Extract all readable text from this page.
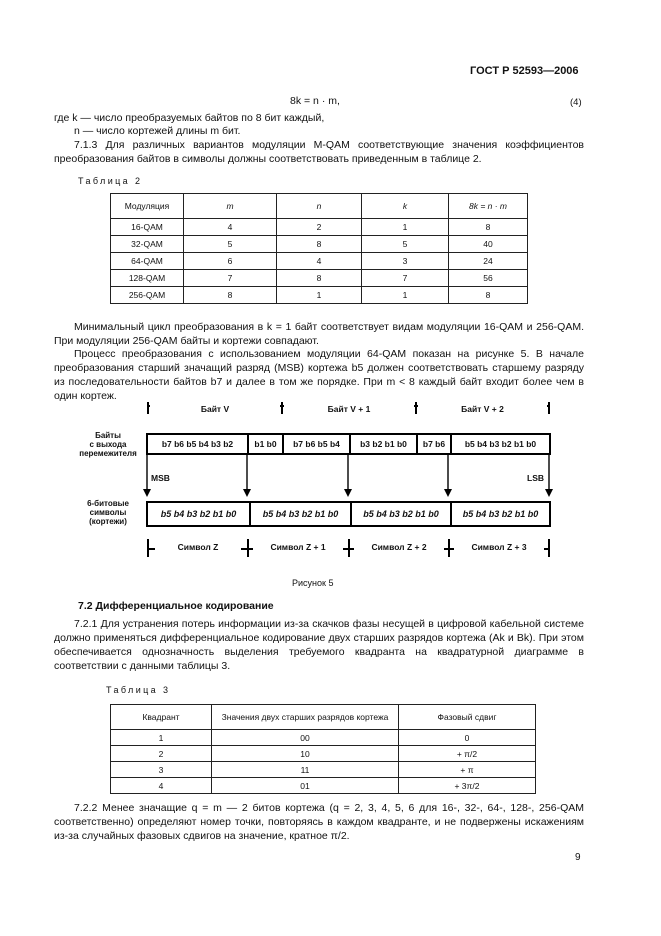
ГОСТ Р 52593—2006
8k = n · m,	(4)
где k — число преобразуемых байтов по 8 бит каждый,
n — число кортежей длины m бит.

7.1.3 Для различных вариантов модуляции M-QAM соответствующие значения коэффициентов преобразования байтов в символы должны соответствовать приведенным в таблице 2.

Таблица 2
Модуляция	m	n	k	8k = n · m
16-QAM	4	2	1	8
32-QAM	5	8	5	40
64-QAM	6	4	3	24
128-QAM	7	8	7	56
256-QAM	8	1	1	8

Минимальный цикл преобразования в k = 1 байт соответствует видам модуляции 16-QAM и 256-QAM. При модуляции 256-QAM байты и кортежи совпадают.

Процесс преобразования с использованием модуляции 64-QAM показан на рисунке 5. В начале преобразования старший значащий разряд (MSB) кортежа b5 должен соответствовать старшему разряду из последовательности байтов b7 и далее в том же порядке. При m < 8 каждый байт входит более чем в один кортеж.

Байт V	Байт V + 1	Байт V + 2
Байты
с выхода
перемежителя
b7 b6 b5 b4 b3 b2	b1 b0	b7 b6 b5 b4	b3 b2 b1 b0	b7 b6	b5 b4 b3 b2 b1 b0
MSB	LSB
6-битовые
символы
(кортежи)
b5 b4 b3 b2 b1 b0	b5 b4 b3 b2 b1 b0	b5 b4 b3 b2 b1 b0	b5 b4 b3 b2 b1 b0
Символ Z	Символ Z + 1	Символ Z + 2	Символ Z + 3
Рисунок 5
7.2 Дифференциальное кодирование

7.2.1 Для устранения потерь информации из-за скачков фазы несущей в цифровой кабельной системе должно применяться дифференциальное кодирование двух старших разрядов кортежа (Ak и Bk). При этом обеспечивается однозначность выделения требуемого квадранта на квадратурной диаграмме в соответствии с данными таблицы 3.

Таблица 3
Квадрант	Значения двух старших разрядов кортежа	Фазовый сдвиг
1	00	0
2	10	+ π/2
3	11	+ π
4	01	+ 3π/2

7.2.2 Менее значащие q = m — 2 битов кортежа (q = 2, 3, 4, 5, 6 для 16-, 32-, 64-, 128-, 256-QAM соответственно) определяют номер точки, повторяясь в каждом квадранте, и не подвержены искажениям из-за случайных фазовых сдвигов на значение, кратное π/2.

9
